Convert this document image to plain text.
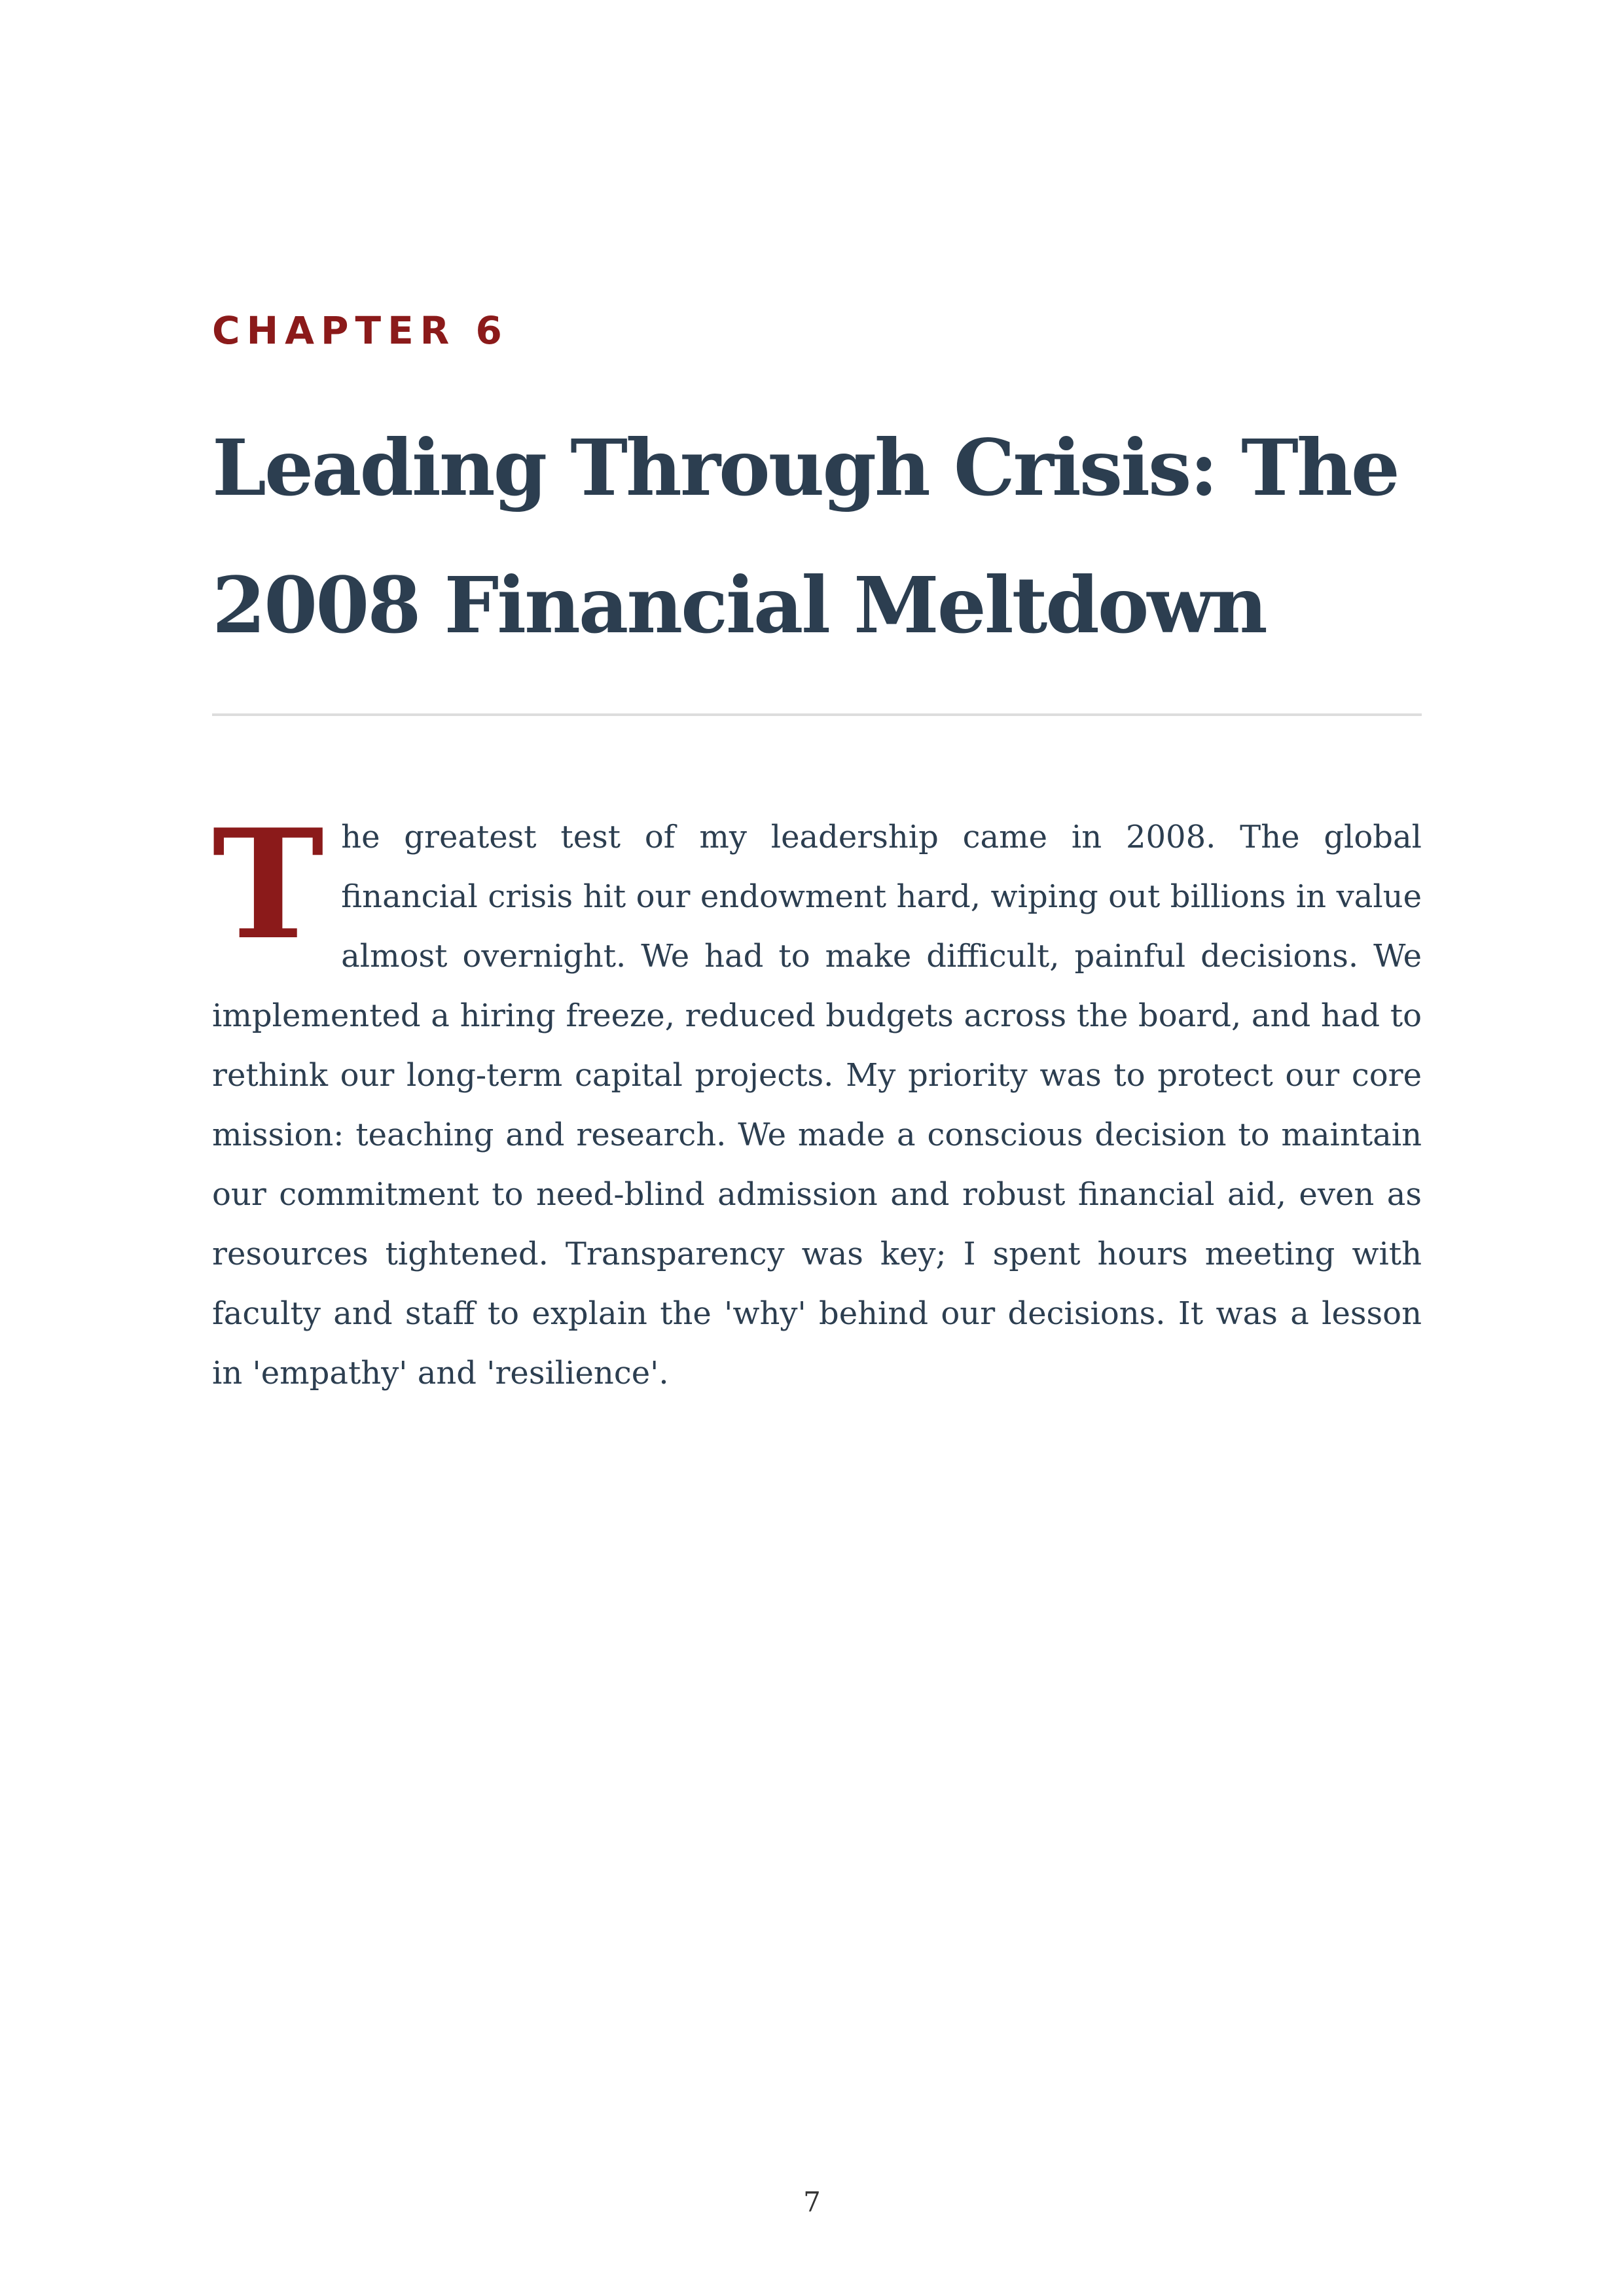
CHAPTER 6
Leading Through Crisis: The 2008 Financial Meltdown
The greatest test of my leadership came in 2008. The global financial crisis hit our endowment hard, wiping out billions in value almost overnight. We had to make difficult, painful decisions. We implemented a hiring freeze, reduced budgets across the board, and had to rethink our long-term capital projects. My priority was to protect our core mission: teaching and research. We made a conscious decision to maintain our commitment to need-blind admission and robust financial aid, even as resources tightened. Transparency was key; I spent hours meeting with faculty and staff to explain the 'why' behind our decisions. It was a lesson in 'empathy' and 'resilience'.
7
